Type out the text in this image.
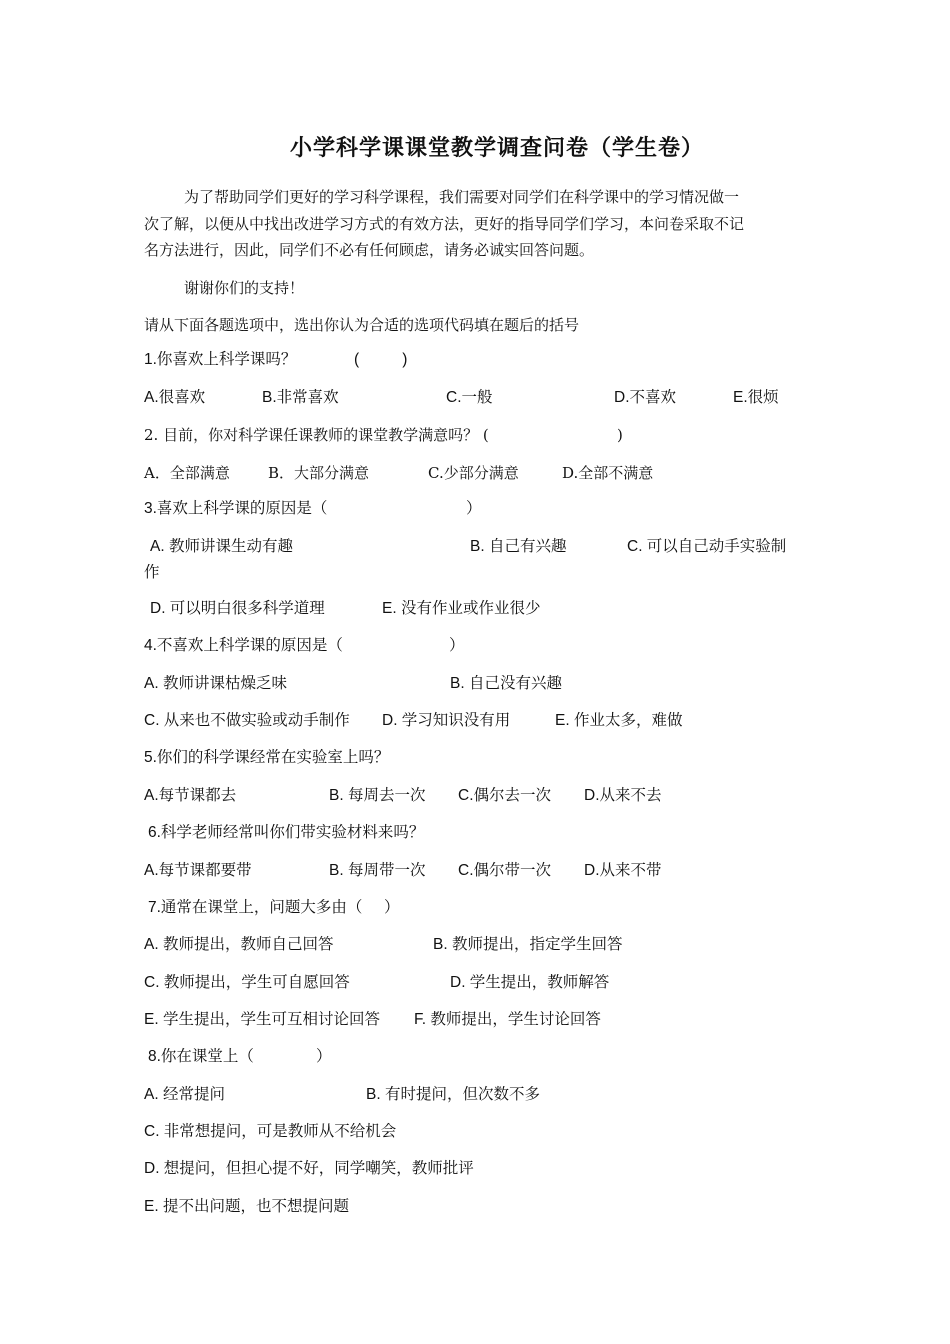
小学科学课课堂教学调查问卷（学生卷）
为了帮助同学们更好的学习科学课程，我们需要对同学们在科学课中的学习情况做一
次了解，以便从中找出改进学习方式的有效方法，更好的指导同学们学习，本问卷采取不记
名方法进行，因此，同学们不必有任何顾虑，请务必诚实回答问题。
谢谢你们的支持！
请从下面各题选项中，选出你认为合适的选项代码填在题后的括号
1.你喜欢上科学课吗？	(          )
A.很喜欢	B.非常喜欢	C.一般	D.不喜欢	E.很烦
2. 目前，你对科学课任课教师的课堂教学满意吗？ (	)
A．全部满意	B．大部分满意	C.少部分满意	D.全部不满意
3.喜欢上科学课的原因是（	）
A. 教师讲课生动有趣	B. 自己有兴趣	C. 可以自己动手实验制
作
D. 可以明白很多科学道理	E. 没有作业或作业很少
4.不喜欢上科学课的原因是（	）
A. 教师讲课枯燥乏味	B. 自己没有兴趣
C. 从来也不做实验或动手制作 D. 学习知识没有用	E. 作业太多，难做
5.你们的科学课经常在实验室上吗？
A.每节课都去	B. 每周去一次 C.偶尔去一次 D.从来不去
6.科学老师经常叫你们带实验材料来吗？
A.每节课都要带	B. 每周带一次 C.偶尔带一次 D.从来不带
7.通常在课堂上，问题大多由（     ）
A. 教师提出，教师自己回答	B. 教师提出，指定学生回答
C. 教师提出，学生可自愿回答	D. 学生提出，教师解答
E. 学生提出，学生可互相讨论回答 F. 教师提出，学生讨论回答
8.你在课堂上（	）
A. 经常提问	B. 有时提问，但次数不多
C. 非常想提问，可是教师从不给机会
D. 想提问，但担心提不好，同学嘲笑，教师批评
E. 提不出问题，也不想提问题
